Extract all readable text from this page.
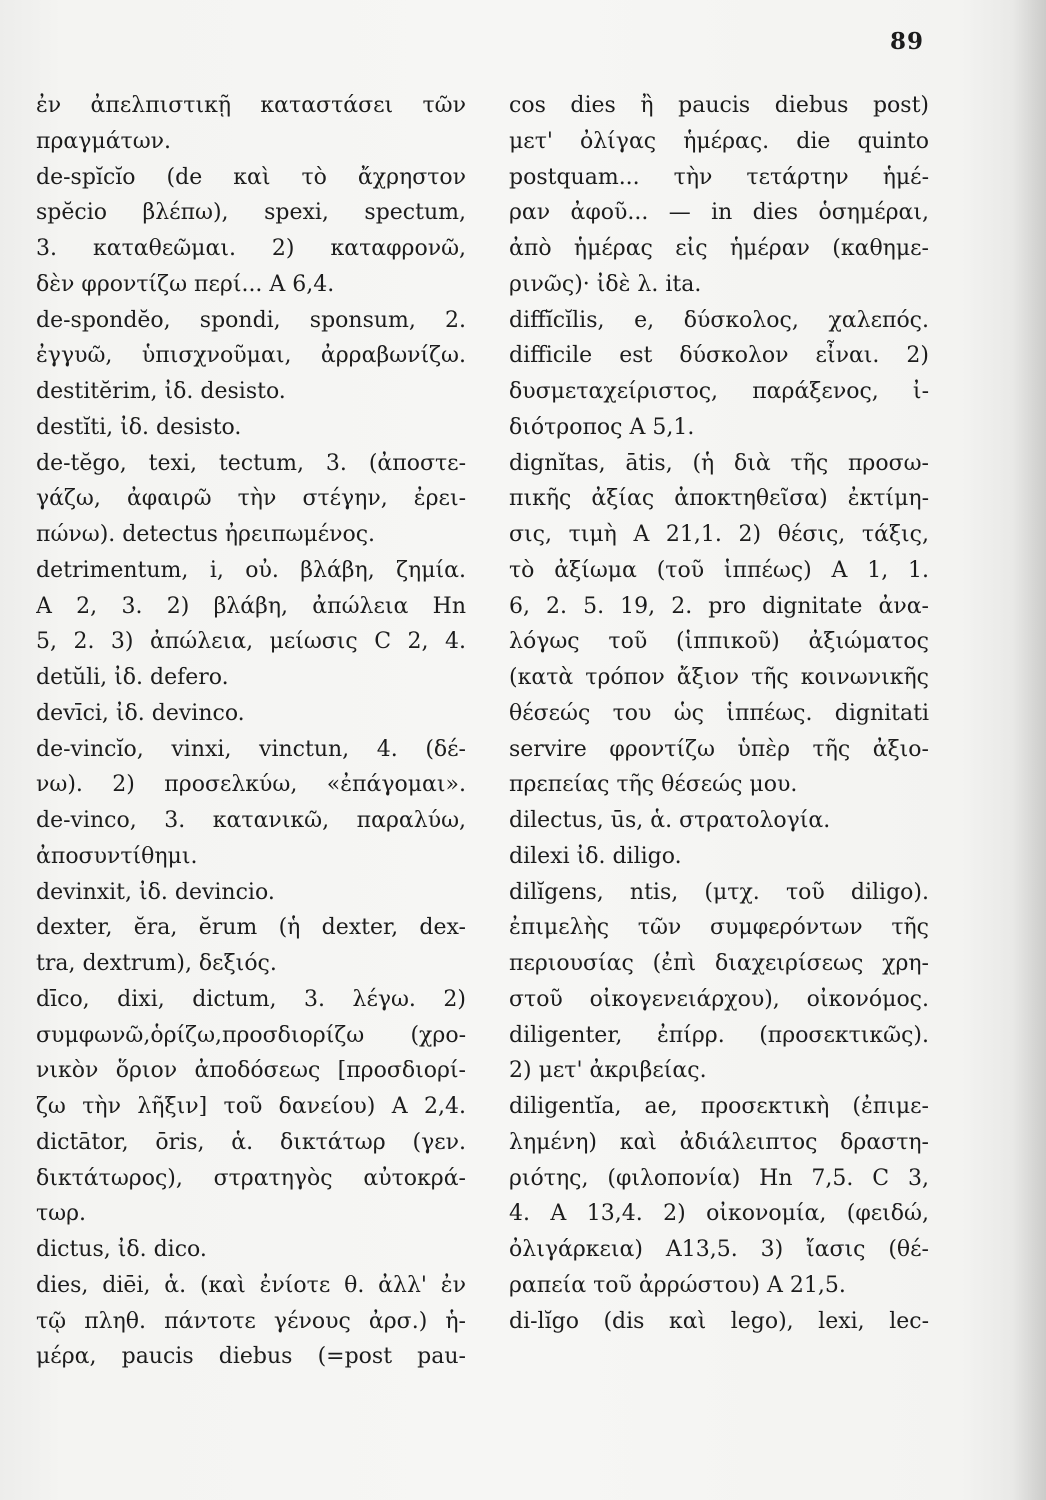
89
ἐν ἀπελπιστικῇ καταστάσει τῶν
πραγμάτων.
de-spĭcĭo (de καὶ τὸ ἄχρηστον
spĕcio βλέπω), spexi, spectum,
3. καταθεῶμαι. 2) καταφρονῶ,
δὲν φροντίζω περί... A 6,4.
de-spondĕo, spondi, sponsum, 2.
ἐγγυῶ, ὑπισχνοῦμαι, ἀρραβωνίζω.
destitĕrim, ἰδ. desisto.
destĭti, ἰδ. desisto.
de-tĕgo, texi, tectum, 3. (ἀποστε-
γάζω, ἀφαιρῶ τὴν στέγην, ἐρει-
πώνω). detectus ἠρειπωμένος.
detrimentum, i, οὐ. βλάβη, ζημία.
A 2, 3. 2) βλάβη, ἀπώλεια Hn
5, 2. 3) ἀπώλεια, μείωσις C 2, 4.
detŭli, ἰδ. defero.
devīci, ἰδ. devinco.
de-vincĭo, vinxi, vinctun, 4. (δέ-
νω). 2) προσελκύω, «ἐπάγομαι».
de-vinco, 3. κατανικῶ, παραλύω,
ἀποσυντίθημι.
devinxit, ἰδ. devincio.
dexter, ĕra, ĕrum (ἡ dexter, dex-
tra, dextrum), δεξιός.
dīco, dixi, dictum, 3. λέγω. 2)
συμφωνῶ,ὁρίζω,προσδιορίζω (χρο-
νικὸν ὅριον ἀποδόσεως [προσδιορί-
ζω τὴν λῆξιν] τοῦ δανείου) A 2,4.
dictātor, ōris, ἁ. δικτάτωρ (γεν.
δικτάτωρος), στρατηγὸς αὐτοκρά-
τωρ.
dictus, ἰδ. dico.
dies, diēi, ἁ. (καὶ ἐνίοτε θ. ἀλλ' ἐν
τῷ πληθ. πάντοτε γένους ἀρσ.) ἡ-
μέρα, paucis diebus (=post pau-
cos dies ἢ paucis diebus post)
μετ' ὀλίγας ἡμέρας. die quinto
postquam... τὴν τετάρτην ἡμέ-
ραν ἀφοῦ... — in dies ὁσημέραι,
ἀπὸ ἡμέρας εἰς ἡμέραν (καθημε-
ρινῶς)· ἰδὲ λ. ita.
diffĭcĭlis, e, δύσκολος, χαλεπός.
difficile est δύσκολον εἶναι. 2)
δυσμεταχείριστος, παράξενος, ἰ-
διότροπος A 5,1.
dignĭtas, ātis, (ἡ διὰ τῆς προσω-
πικῆς ἀξίας ἀποκτηθεῖσα) ἐκτίμη-
σις, τιμὴ A 21,1. 2) θέσις, τάξις,
τὸ ἀξίωμα (τοῦ ἱππέως) A 1, 1.
6, 2. 5. 19, 2. pro dignitate ἀνα-
λόγως τοῦ (ἱππικοῦ) ἀξιώματος
(κατὰ τρόπον ἄξιον τῆς κοινωνικῆς
θέσεώς του ὡς ἱππέως. dignitati
servire φροντίζω ὑπὲρ τῆς ἀξιο-
πρεπείας τῆς θέσεώς μου.
dilectus, ūs, ἁ. στρατολογία.
dilexi ἰδ. diligo.
dilĭgens, ntis, (μτχ. τοῦ diligo).
ἐπιμελὴς τῶν συμφερόντων τῆς
περιουσίας (ἐπὶ διαχειρίσεως χρη-
στοῦ οἰκογενειάρχου), οἰκονόμος.
diligenter, ἐπίρρ. (προσεκτικῶς).
2) μετ' ἀκριβείας.
diligentĭa, ae, προσεκτικὴ (ἐπιμε-
λημένη) καὶ ἀδιάλειπτος δραστη-
ριότης, (φιλοπονία) Hn 7,5. C 3,
4. A 13,4. 2) οἰκονομία, (φειδώ,
ὀλιγάρκεια) A13,5. 3) ἴασις (θέ-
ραπεία τοῦ ἀρρώστου) A 21,5.
di-lĭgo (dis καὶ lego), lexi, lec-
